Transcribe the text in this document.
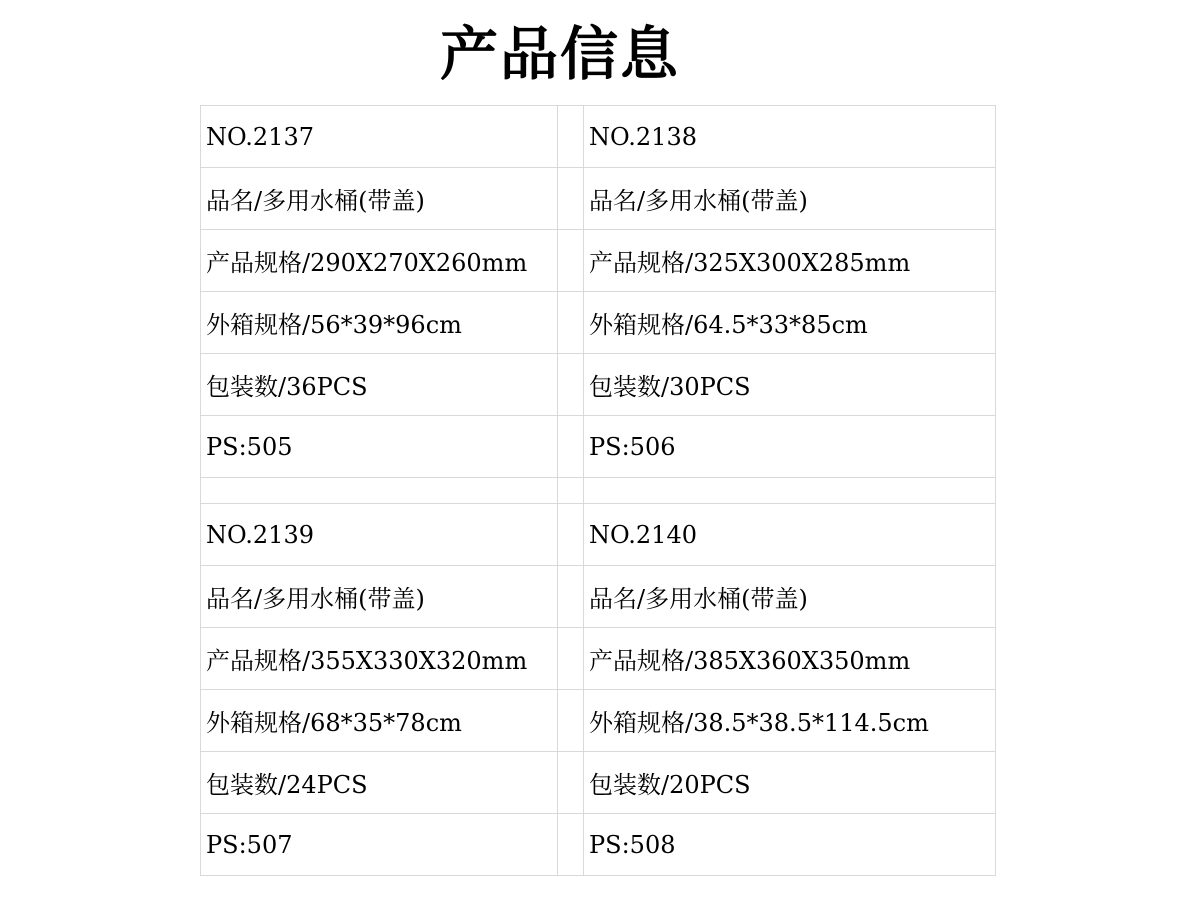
产品信息
NO.2137		NO.2138
品名/多用水桶(带盖)		品名/多用水桶(带盖)
产品规格/290X270X260mm		产品规格/325X300X285mm
外箱规格/56*39*96cm		外箱规格/64.5*33*85cm
包装数/36PCS		包装数/30PCS
PS:505		PS:506

NO.2139		NO.2140
品名/多用水桶(带盖)		品名/多用水桶(带盖)
产品规格/355X330X320mm		产品规格/385X360X350mm
外箱规格/68*35*78cm		外箱规格/38.5*38.5*114.5cm
包装数/24PCS		包装数/20PCS
PS:507		PS:508
